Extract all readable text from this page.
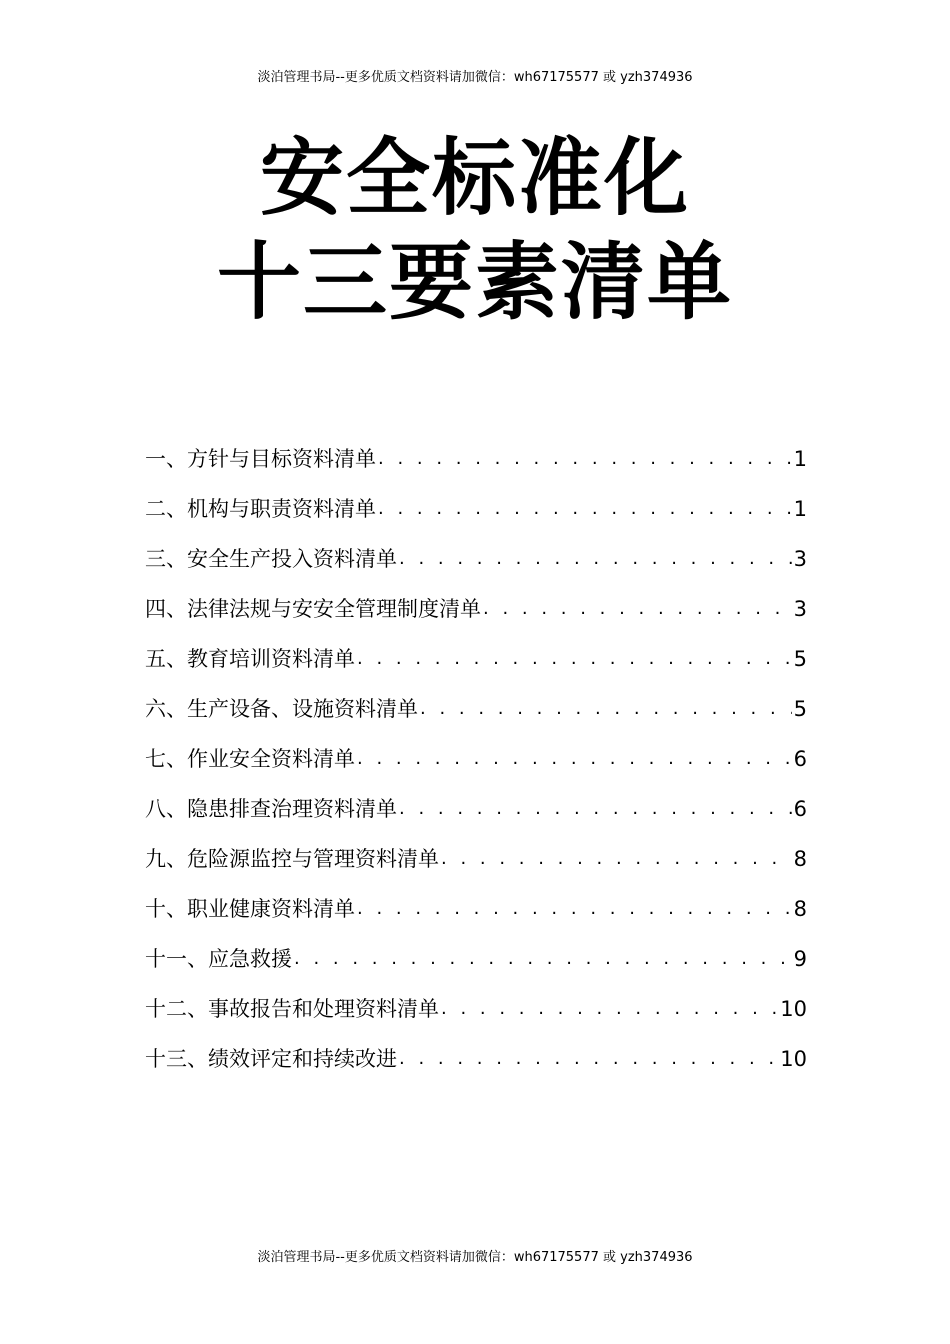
淡泊管理书局--更多优质文档资料请加微信：wh67175577 或 yzh374936
安全标准化
十三要素清单
一、方针与目标资料清单 . . .	1
二、机构与职责资料清单 . . .	1
三、安全生产投入资料清单 . . .	3
四、法律法规与安安全管理制度清单 . . .	3
五、教育培训资料清单 . . .	5
六、生产设备、设施资料清单 . . .	5
七、作业安全资料清单 . . .	6
八、隐患排查治理资料清单 . . .	6
九、危险源监控与管理资料清单 . . .	8
十、职业健康资料清单 . . .	8
十一、应急救援 . . .	9
十二、事故报告和处理资料清单 . . .	10
十三、绩效评定和持续改进 . . .	10
淡泊管理书局--更多优质文档资料请加微信：wh67175577 或 yzh374936
